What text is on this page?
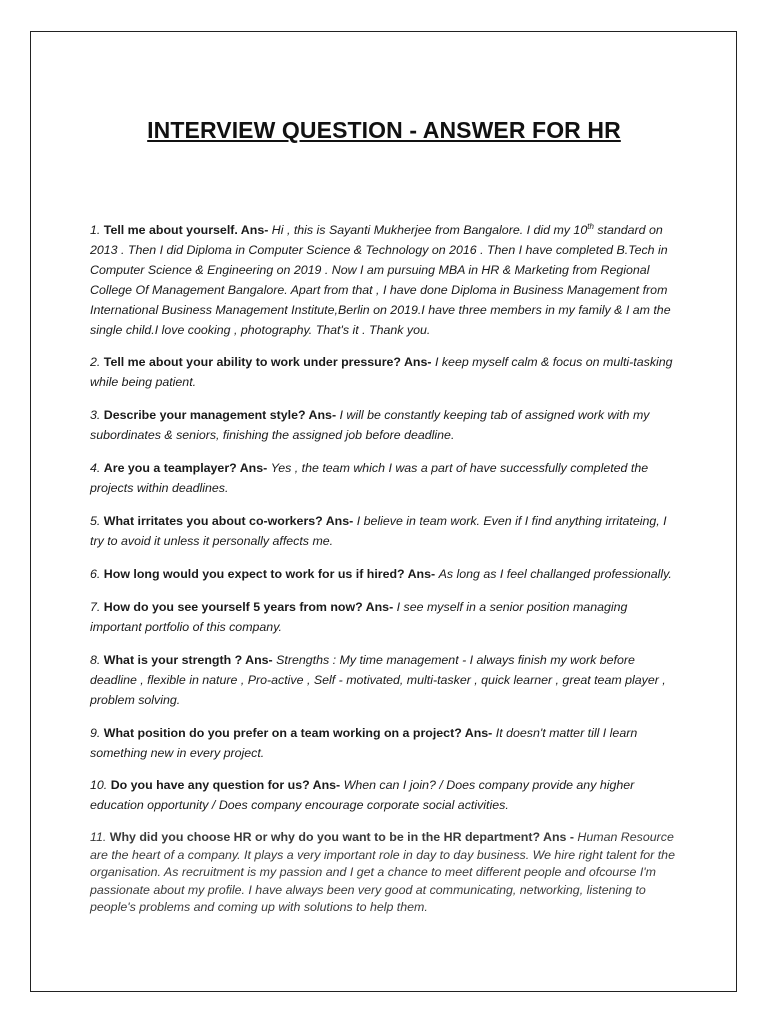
INTERVIEW QUESTION - ANSWER FOR HR

1. Tell me about yourself. Ans- Hi , this is Sayanti Mukherjee from Bangalore. I did my 10th standard on 2013 . Then I did Diploma in Computer Science & Technology on 2016 . Then I have completed B.Tech in Computer Science & Engineering on 2019 . Now I am pursuing MBA in HR & Marketing from Regional College Of Management Bangalore. Apart from that , I have done Diploma in Business Management from International Business Management Institute,Berlin on 2019.I have three members in my family & I am the single child.I love cooking , photography. That's it . Thank you.

2. Tell me about your ability to work under pressure? Ans- I keep myself calm & focus on multi-tasking while being patient.

3. Describe your management style? Ans- I will be constantly keeping tab of assigned work with my subordinates & seniors, finishing the assigned job before deadline.

4. Are you a teamplayer? Ans- Yes , the team which I was a part of have successfully completed the projects within deadlines.

5. What irritates you about co-workers? Ans- I believe in team work. Even if I find anything irritateing, I try to avoid it unless it personally affects me.

6. How long would you expect to work for us if hired? Ans- As long as I feel challanged professionally.

7. How do you see yourself 5 years from now? Ans- I see myself in a senior position managing important portfolio of this company.

8. What is your strength ? Ans- Strengths : My time management - I always finish my work before deadline , flexible in nature , Pro-active , Self - motivated, multi-tasker , quick learner , great team player , problem solving.

9. What position do you prefer on a team working on a project? Ans- It doesn't matter till I learn something new in every project.

10. Do you have any question for us? Ans- When can I join? / Does company provide any higher education opportunity / Does company encourage corporate social activities.

11. Why did you choose HR or why do you want to be in the HR department? Ans - Human Resource are the heart of a company. It plays a very important role in day to day business. We hire right talent for the organisation. As recruitment is my passion and I get a chance to meet different people and ofcourse I'm passionate about my profile. I have always been very good at communicating, networking, listening to people's problems and coming up with solutions to help them.
